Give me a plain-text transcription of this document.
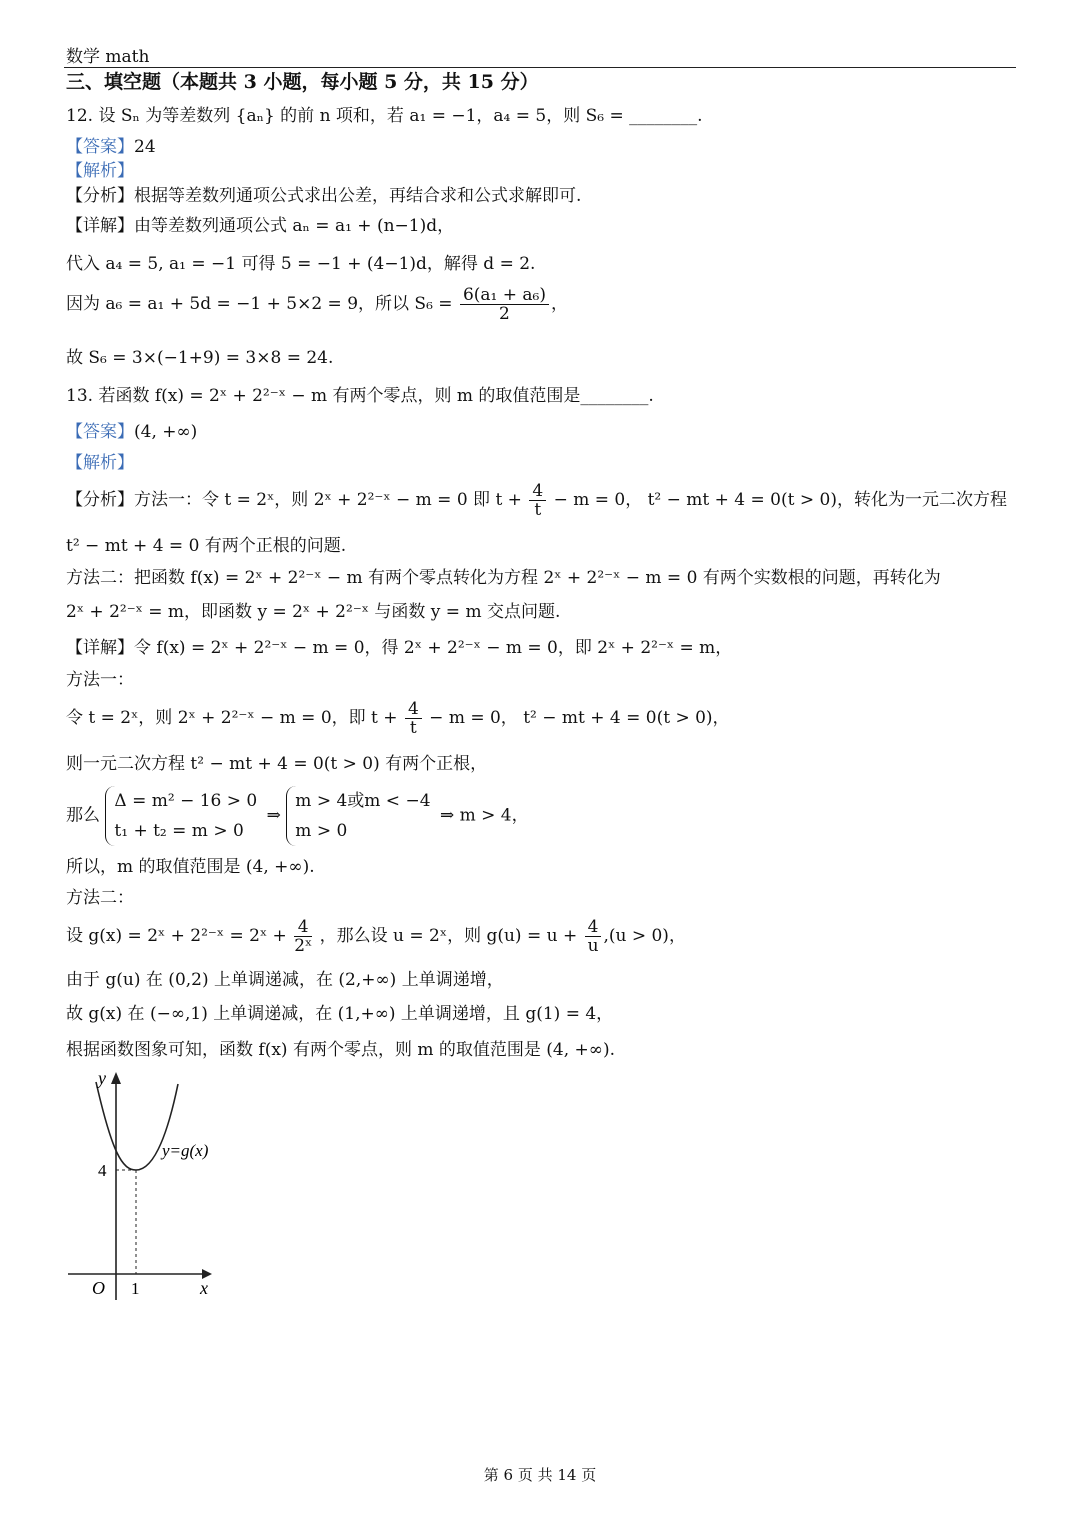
数学 math
三、填空题（本题共 3 小题，每小题 5 分，共 15 分）
12. 设 Sₙ 为等差数列 {aₙ} 的前 n 项和，若 a₁ = −1，a₄ = 5，则 S₆ = ________.
【答案】24
【解析】
【分析】根据等差数列通项公式求出公差，再结合求和公式求解即可.
【详解】由等差数列通项公式 aₙ = a₁ + (n−1)d，
代入 a₄ = 5, a₁ = −1 可得 5 = −1 + (4−1)d，解得 d = 2.
因为 a₆ = a₁ + 5d = −1 + 5×2 = 9，所以 $S_6 = \frac{\text{6(a₁ + a₆)}}{2}$ ，
故 S₆ = 3×(−1+9) = 3×8 = 24.
13. 若函数 f(x) = 2ˣ + 2²⁻ˣ − m 有两个零点，则 m 的取值范围是________.
【答案】(4, +∞)
【解析】
【分析】方法一：令 t = 2ˣ，则 2ˣ + 2²⁻ˣ − m = 0 即 $t + \frac{4}{t} - m = 0$， t² − mt + 4 = 0(t > 0)，转化为一元二次方程
t² − mt + 4 = 0 有两个正根的问题.
方法二：把函数 f(x) = 2ˣ + 2²⁻ˣ − m 有两个零点转化为方程 2ˣ + 2²⁻ˣ − m = 0 有两个实数根的问题，再转化为
2ˣ + 2²⁻ˣ = m，即函数 y = 2ˣ + 2²⁻ˣ 与函数 y = m 交点问题.
【详解】令 f(x) = 2ˣ + 2²⁻ˣ − m = 0，得 2ˣ + 2²⁻ˣ − m = 0，即 2ˣ + 2²⁻ˣ = m，
方法一：
令 t = 2ˣ，则 2ˣ + 2²⁻ˣ − m = 0，即 $t + \frac{4}{t} - m = 0$， t² − mt + 4 = 0(t > 0)，
则一元二次方程 t² − mt + 4 = 0(t > 0) 有两个正根，
那么
Δ = m² − 16 > 0
t₁ + t₂ = m > 0
⇒
m > 4或m < −4
m > 0
⇒ m > 4，
所以，m 的取值范围是 (4, +∞).
方法二：
设 g(x) = 2ˣ + 2²⁻ˣ = 2ˣ + $\frac{4}{\text{2ˣ}}$ ，那么设 u = 2ˣ，则 $g(u) = u + \frac{4}{u} ,(u > 0)$，
由于 g(u) 在 (0,2) 上单调递减，在 (2,+∞) 上单调递增，
故 g(x) 在 (−∞,1) 上单调递减，在 (1,+∞) 上单调递增，且 g(1) = 4，
根据函数图象可知，函数 f(x) 有两个零点，则 m 的取值范围是 (4, +∞).
y
x
O 1
4
y=g(x)
第 6 页 共 14 页
